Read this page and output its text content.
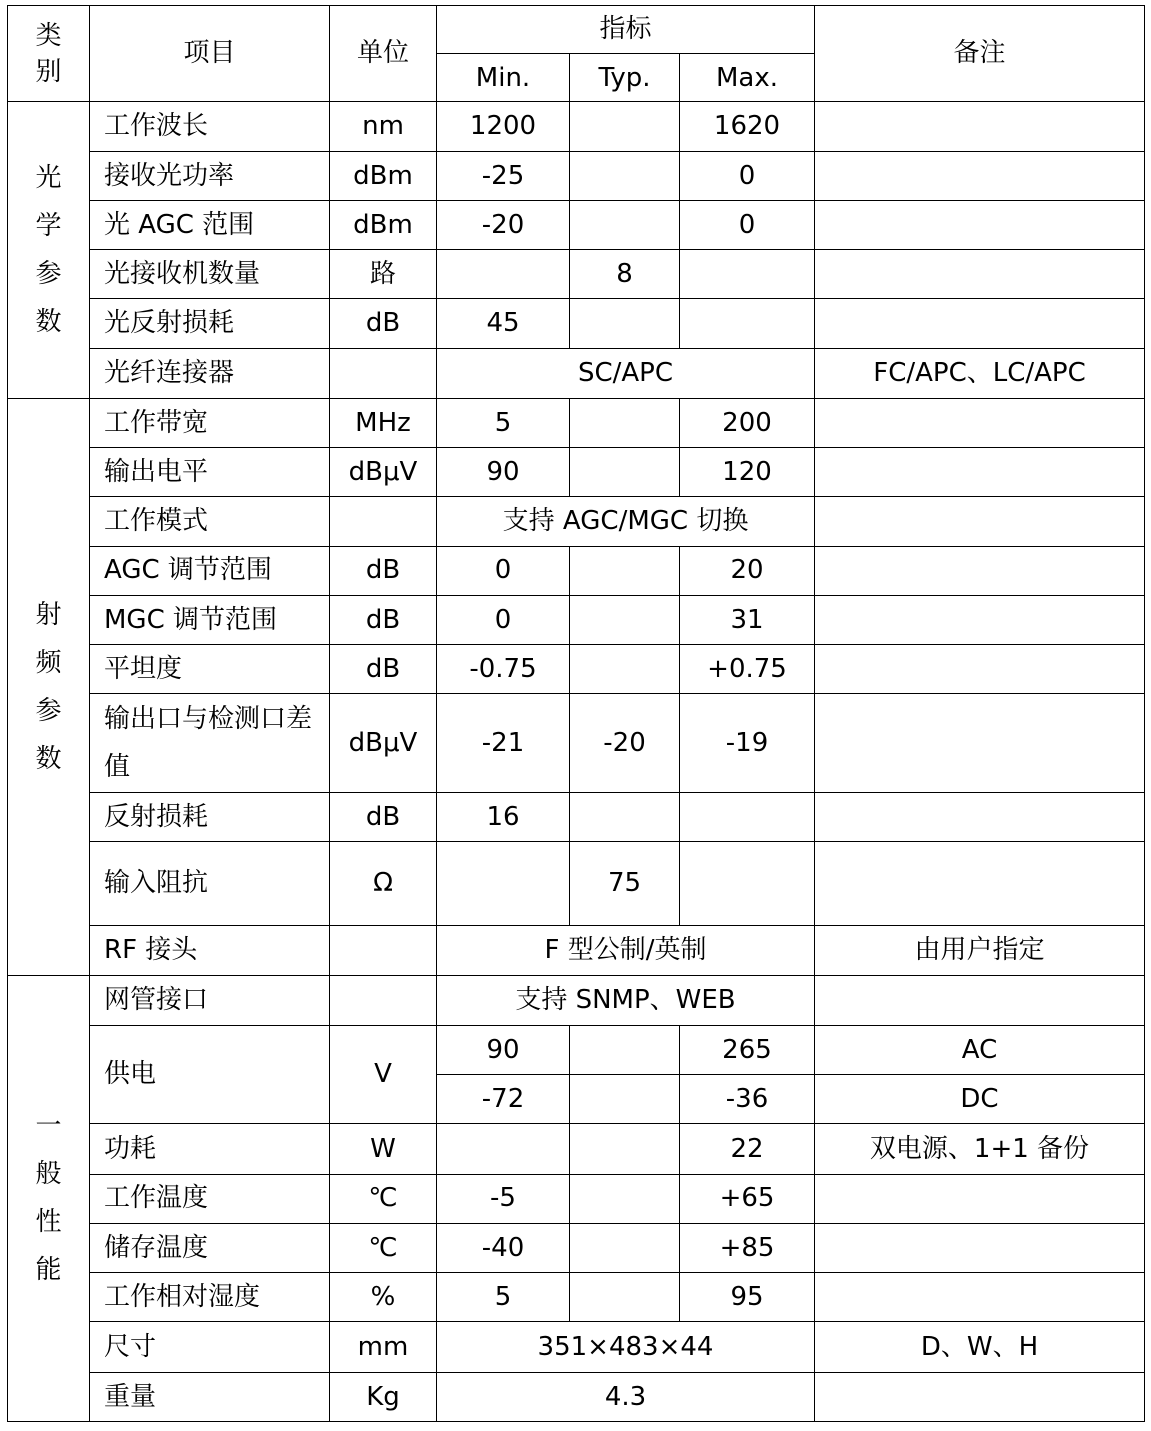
类
别	项目	单位	指标			备注
			Min.	Typ.	Max.	

光
学
参
数	工作波长	nm	1200		1620	
	接收光功率	dBm	-25		0	
	光 AGC 范围	dBm	-20		0	
	光接收机数量	路		8		
	光反射损耗	dB	45			
	光纤连接器		SC/APC			FC/APC、LC/APC

射
频
参
数	工作带宽	MHz	5		200	
	输出电平	dBμV	90		120	
	工作模式		支持 AGC/MGC 切换			
	AGC 调节范围	dB	0		20	
	MGC 调节范围	dB	0		31	
	平坦度	dB	-0.75		+0.75	
	输出口与检测口差值	dBμV	-21	-20	-19	
	反射损耗	dB	16			
	输入阻抗	Ω		75		
	RF 接头		F 型公制/英制			由用户指定

一
般
性
能	网管接口		支持 SNMP、WEB			
	供电	V	90		265	AC
			-72		-36	DC
	功耗	W			22	双电源、1+1 备份
	工作温度	℃	-5		+65	
	储存温度	℃	-40		+85	
	工作相对湿度	%	5		95	
	尺寸	mm	351×483×44			D、W、H
	重量	Kg	4.3			
